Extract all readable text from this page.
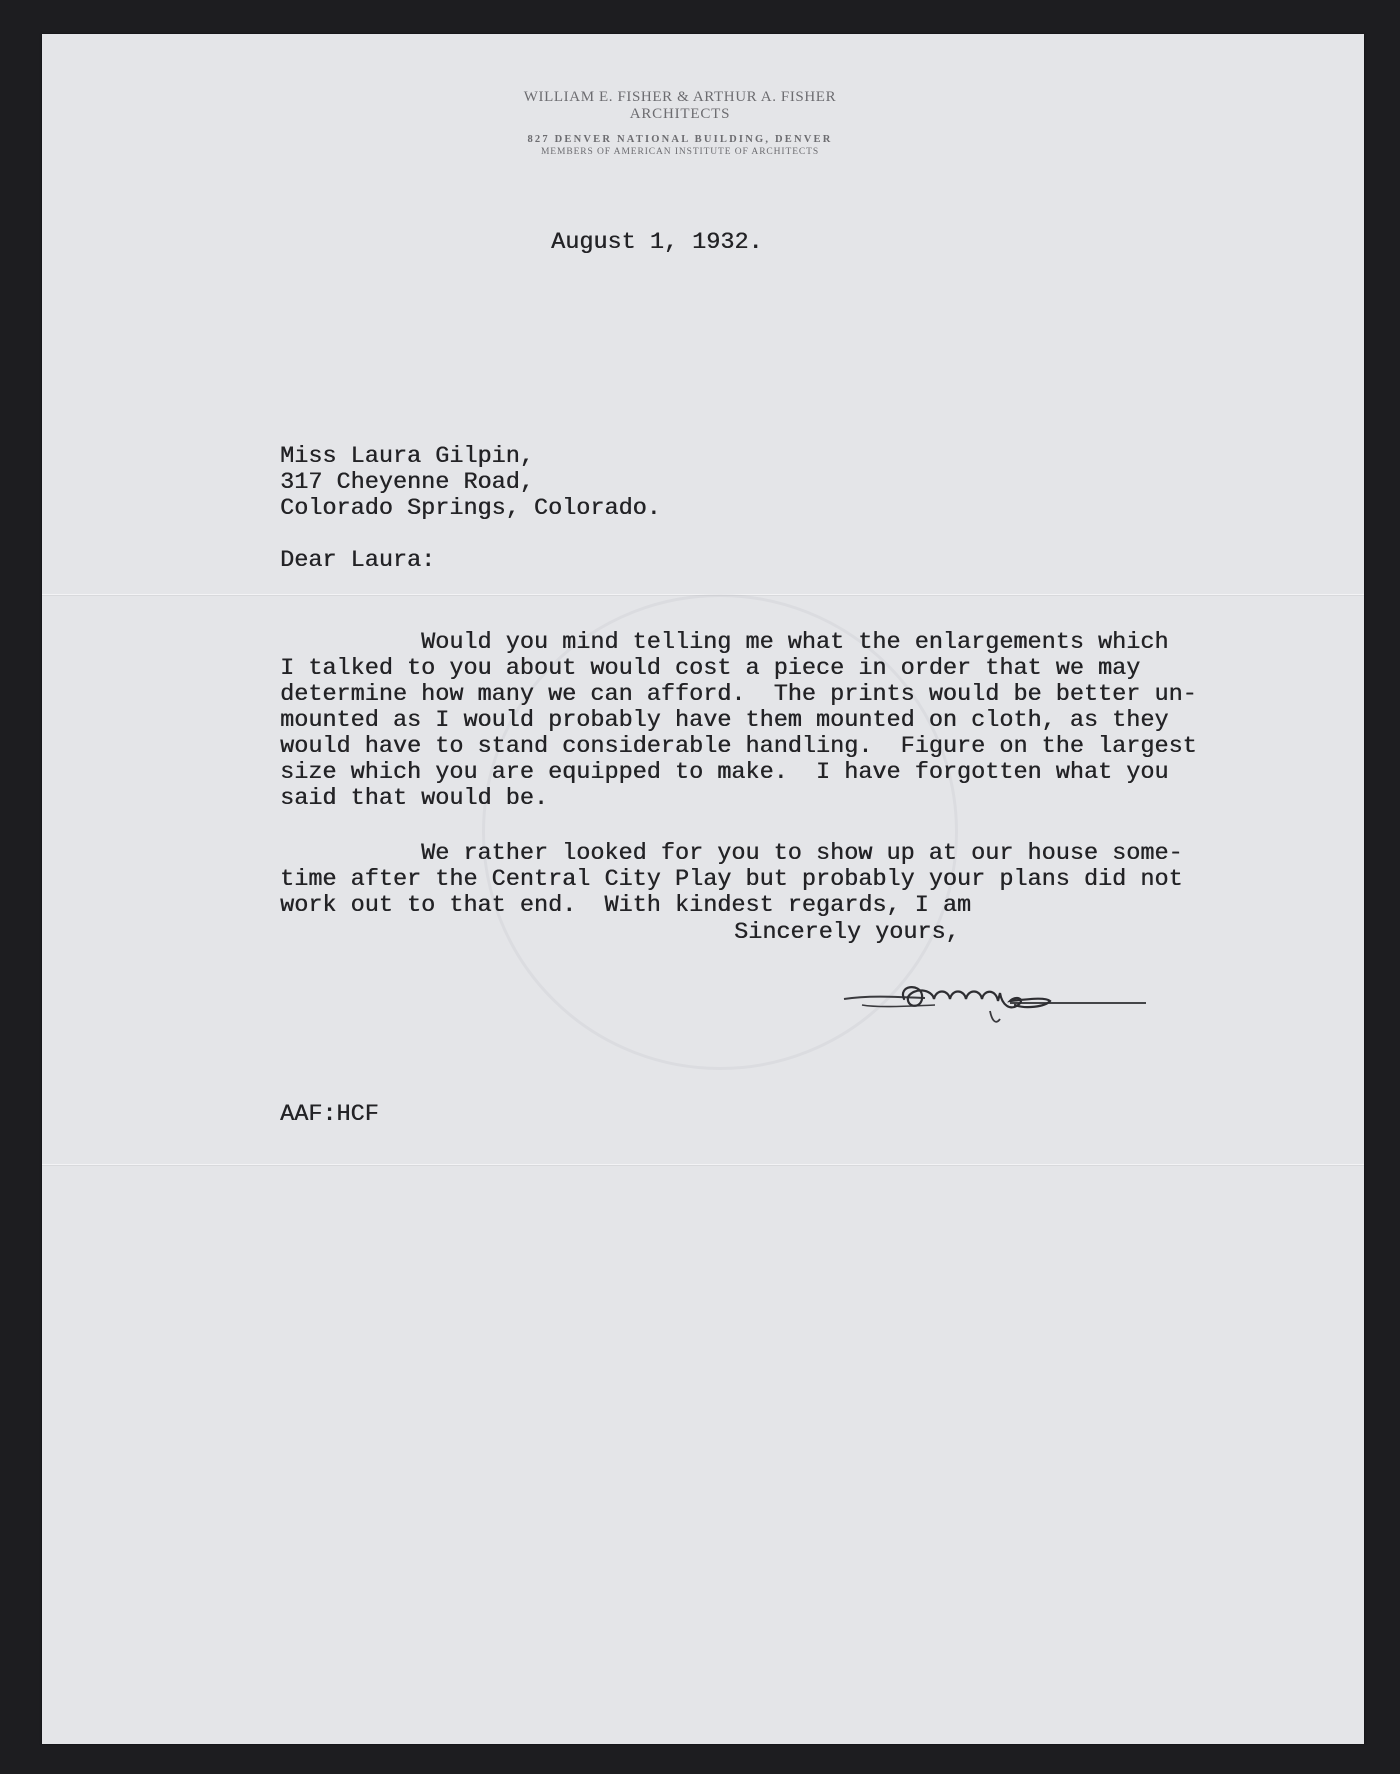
WILLIAM E. FISHER & ARTHUR A. FISHER
ARCHITECTS
827 DENVER NATIONAL BUILDING, DENVER
MEMBERS OF AMERICAN INSTITUTE OF ARCHITECTS
August 1, 1932.
Miss Laura Gilpin,
317 Cheyenne Road,
Colorado Springs, Colorado.
Dear Laura:

Would you mind telling me what the enlargements which
I talked to you about would cost a piece in order that we may
determine how many we can afford.  The prints would be better un-
mounted as I would probably have them mounted on cloth, as they
would have to stand considerable handling.  Figure on the largest
size which you are equipped to make.  I have forgotten what you
said that would be.

We rather looked for you to show up at our house some-
time after the Central City Play but probably your plans did not
work out to that end.  With kindest regards, I am
Sincerely yours,
AAF:HCF
